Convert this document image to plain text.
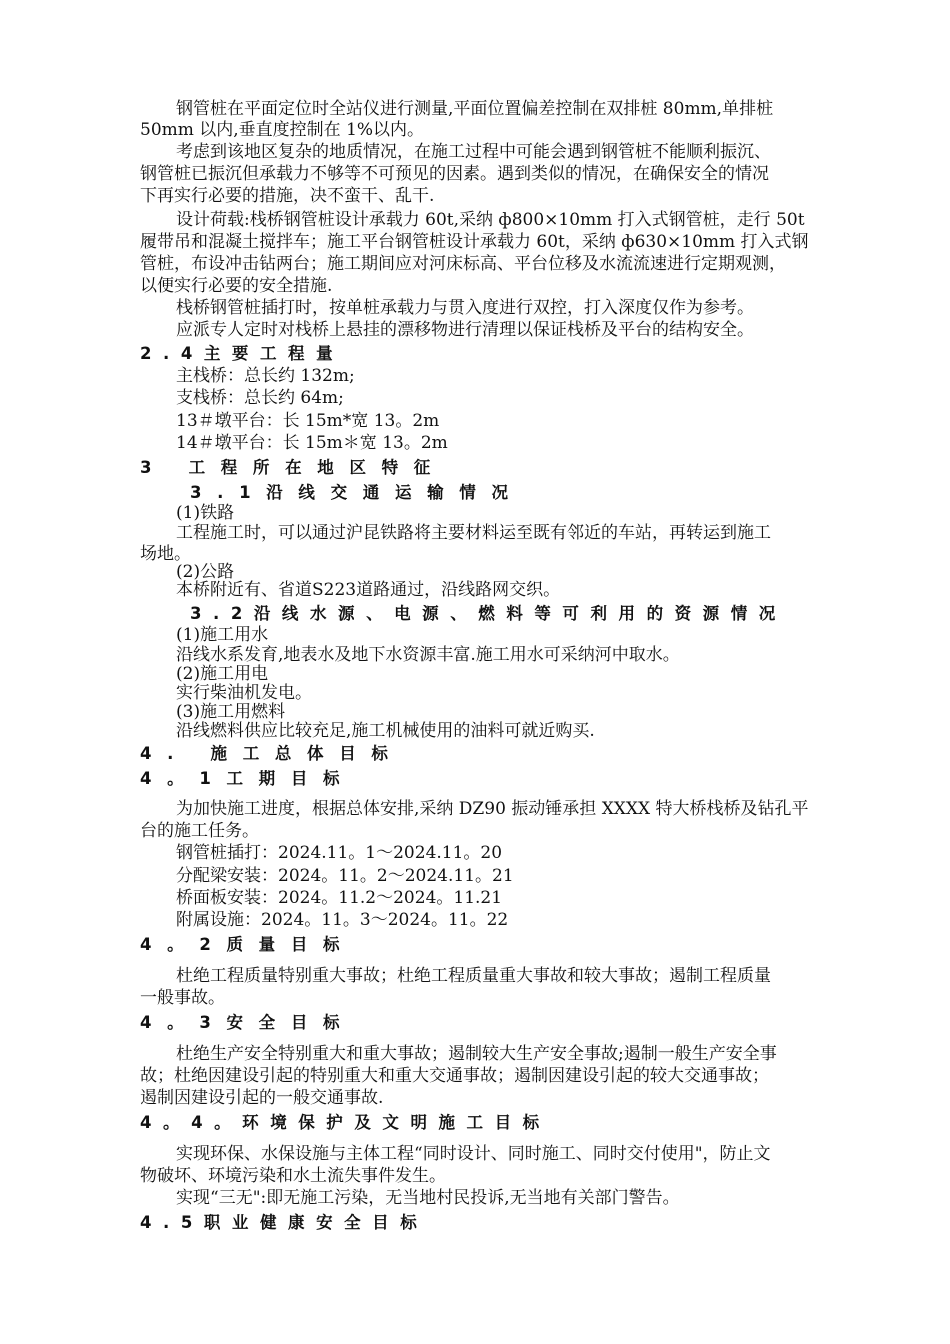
钢管桩在平面定位时全站仪进行测量,平面位置偏差控制在双排桩 80mm,单排桩
50mm 以内,垂直度控制在 1%以内。
考虑到该地区复杂的地质情况，在施工过程中可能会遇到钢管桩不能顺利振沉、
钢管桩已振沉但承载力不够等不可预见的因素。遇到类似的情况，在确保安全的情况
下再实行必要的措施，决不蛮干、乱干.
设计荷载:栈桥钢管桩设计承载力 60t,采纳 ф800×10mm 打入式钢管桩，走行 50t
履带吊和混凝土搅拌车；施工平台钢管桩设计承载力 60t，采纳 ф630×10mm 打入式钢
管桩，布设冲击钻两台；施工期间应对河床标高、平台位移及水流流速进行定期观测，
以便实行必要的安全措施.
栈桥钢管桩插打时，按单桩承载力与贯入度进行双控，打入深度仅作为参考。
应派专人定时对栈桥上悬挂的漂移物进行清理以保证栈桥及平台的结构安全。
2.4主要工程量
主栈桥：总长约 132m;
支栈桥：总长约 64m;
13＃墩平台：长 15m*宽 13。2m
14＃墩平台：长 15m＊宽 13。2m
3 工程所在地区特征
3.1沿线交通运输情况
(1)铁路
工程施工时，可以通过沪昆铁路将主要材料运至既有邻近的车站，再转运到施工
场地。
(2)公路
本桥附近有、省道S223道路通过，沿线路网交织。
3.2沿线水源、电源、燃料等可利用的资源情况
(1)施工用水
沿线水系发育,地表水及地下水资源丰富.施工用水可采纳河中取水。
(2)施工用电
实行柴油机发电。
(3)施工用燃料
沿线燃料供应比较充足,施工机械使用的油料可就近购买.
4. 施工总体目标
4。1工期目标
为加快施工进度，根据总体安排,采纳 DZ90 振动锤承担 XXXX 特大桥栈桥及钻孔平
台的施工任务。
钢管桩插打：2024.11。1～2024.11。20
分配梁安装：2024。11。2～2024.11。21
桥面板安装：2024。11.2～2024。11.21
附属设施：2024。11。3～2024。11。22
4。2质量目标
杜绝工程质量特别重大事故；杜绝工程质量重大事故和较大事故；遏制工程质量
一般事故。
4。3安全目标
杜绝生产安全特别重大和重大事故；遏制较大生产安全事故;遏制一般生产安全事
故；杜绝因建设引起的特别重大和重大交通事故；遏制因建设引起的较大交通事故；
遏制因建设引起的一般交通事故.
4。4。环境保护及文明施工目标
实现环保、水保设施与主体工程“同时设计、同时施工、同时交付使用"，防止文
物破坏、环境污染和水土流失事件发生。
实现“三无":即无施工污染，无当地村民投诉,无当地有关部门警告。
4.5职业健康安全目标
